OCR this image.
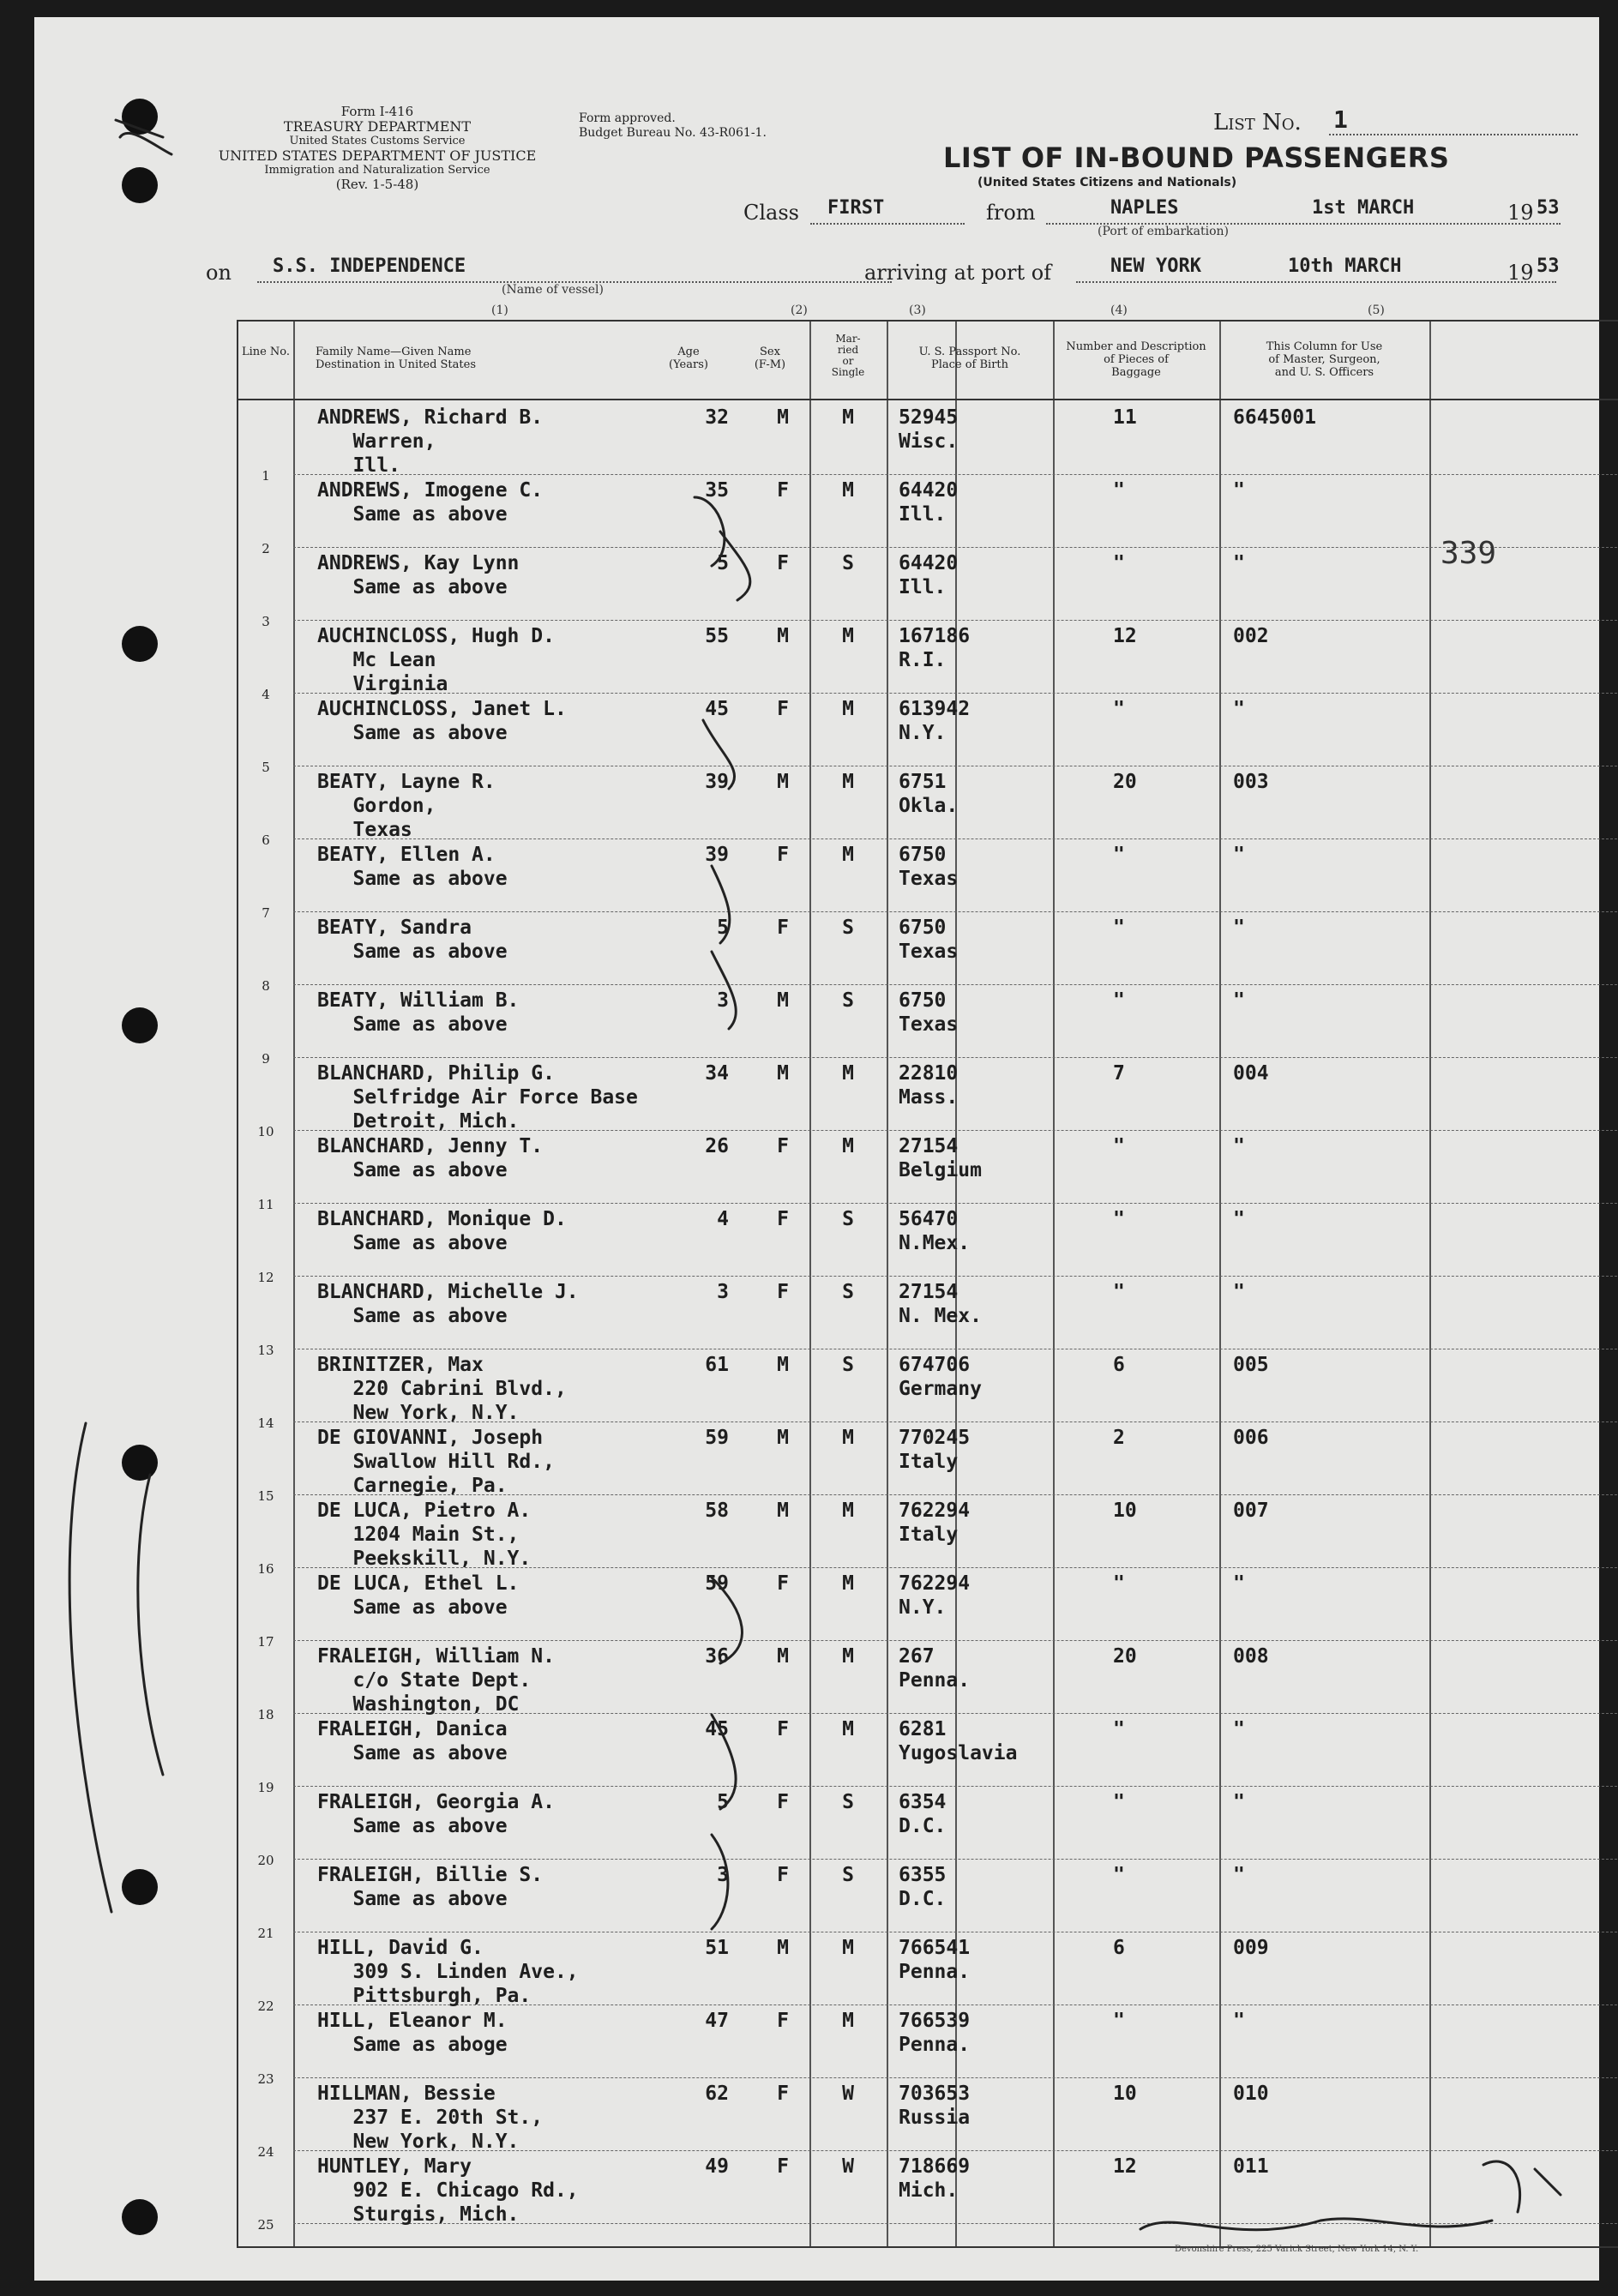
Form I-416
TREASURY DEPARTMENT
United States Customs Service
UNITED STATES DEPARTMENT OF JUSTICE
Immigration and Naturalization Service
(Rev. 1-5-48)
Form approved.
Budget Bureau No. 43-R061-1.	List No. 1
LIST OF IN-BOUND PASSENGERS
(United States Citizens and Nationals)
Class FIRST	from	NAPLES
(Port of embarkation)
1st MARCH	19 53
on S.S. INDEPENDENCE
(Name of vessel)
arriving at port of	NEW YORK	10th MARCH	19 53
(1)	(2)	(3)	(4)	(5)
Line No.	Family Name—Given Name
Destination in United States
Age
(Years)
Sex
(F-M)
Mar-
ried
or
Single
U. S. Passport No.
Place of Birth
Number and Description
of Pieces of
Baggage
This Column for Use
of Master, Surgeon,
and U. S. Officers
1
ANDREWS, Richard B.
Warren,
Ill.
32	M	M	52945
Wisc.
11	6645001
2
ANDREWS, Imogene C.
Same as above
35	F	M	64420
Ill.
"	"
3
ANDREWS, Kay Lynn
Same as above
5	F	S	64420
Ill.
"	"
4
AUCHINCLOSS, Hugh D.
Mc Lean
Virginia
55	M	M	167186
R.I.
12	002
5
AUCHINCLOSS, Janet L.
Same as above
45	F	M	613942
N.Y.
"	"
6
BEATY, Layne R.
Gordon,
Texas
39	M	M	6751
Okla.
20	003
7
BEATY, Ellen A.
Same as above
39	F	M	6750
Texas
"	"
8
BEATY, Sandra
Same as above
5	F	S	6750
Texas
"	"
9
BEATY, William B.
Same as above
3	M	S	6750
Texas
"	"
10
BLANCHARD, Philip G.
Selfridge Air Force Base
Detroit, Mich.
34	M	M	22810
Mass.
7	004
11
BLANCHARD, Jenny T.
Same as above
26	F	M	27154
Belgium
"	"
12
BLANCHARD, Monique D.
Same as above
4	F	S	56470
N.Mex.
"	"
13
BLANCHARD, Michelle J.
Same as above
3	F	S	27154
N. Mex.
"	"
14
BRINITZER, Max
220 Cabrini Blvd.,
New York, N.Y.
61	M	S	674706
Germany
6	005
15
DE GIOVANNI, Joseph
Swallow Hill Rd.,
Carnegie, Pa.
59	M	M	770245
Italy
2	006
16
DE LUCA, Pietro A.
1204 Main St.,
Peekskill, N.Y.
58	M	M	762294
Italy
10	007
17
DE LUCA, Ethel L.
Same as above
59	F	M	762294
N.Y.
"	"
18
FRALEIGH, William N.
c/o State Dept.
Washington, DC
36	M	M	267
Penna.
20	008
19
FRALEIGH, Danica
Same as above
45	F	M	6281
Yugoslavia
"	"
20
FRALEIGH, Georgia A.
Same as above
5	F	S	6354
D.C.
"	"
21
FRALEIGH, Billie S.
Same as above
3	F	S	6355
D.C.
"	"
22
HILL, David G.
309 S. Linden Ave.,
Pittsburgh, Pa.
51	M	M	766541
Penna.
6	009
23
HILL, Eleanor M.
Same as aboge
47	F	M	766539
Penna.
"	"
24
HILLMAN, Bessie
237 E. 20th St.,
New York, N.Y.
62	F	W	703653
Russia
10	010
25
HUNTLEY, Mary
902 E. Chicago Rd.,
Sturgis, Mich.
49	F	W	718669
Mich.
12	011
339
Devonshire Press, 225 Varick Street, New York 14, N. Y.
